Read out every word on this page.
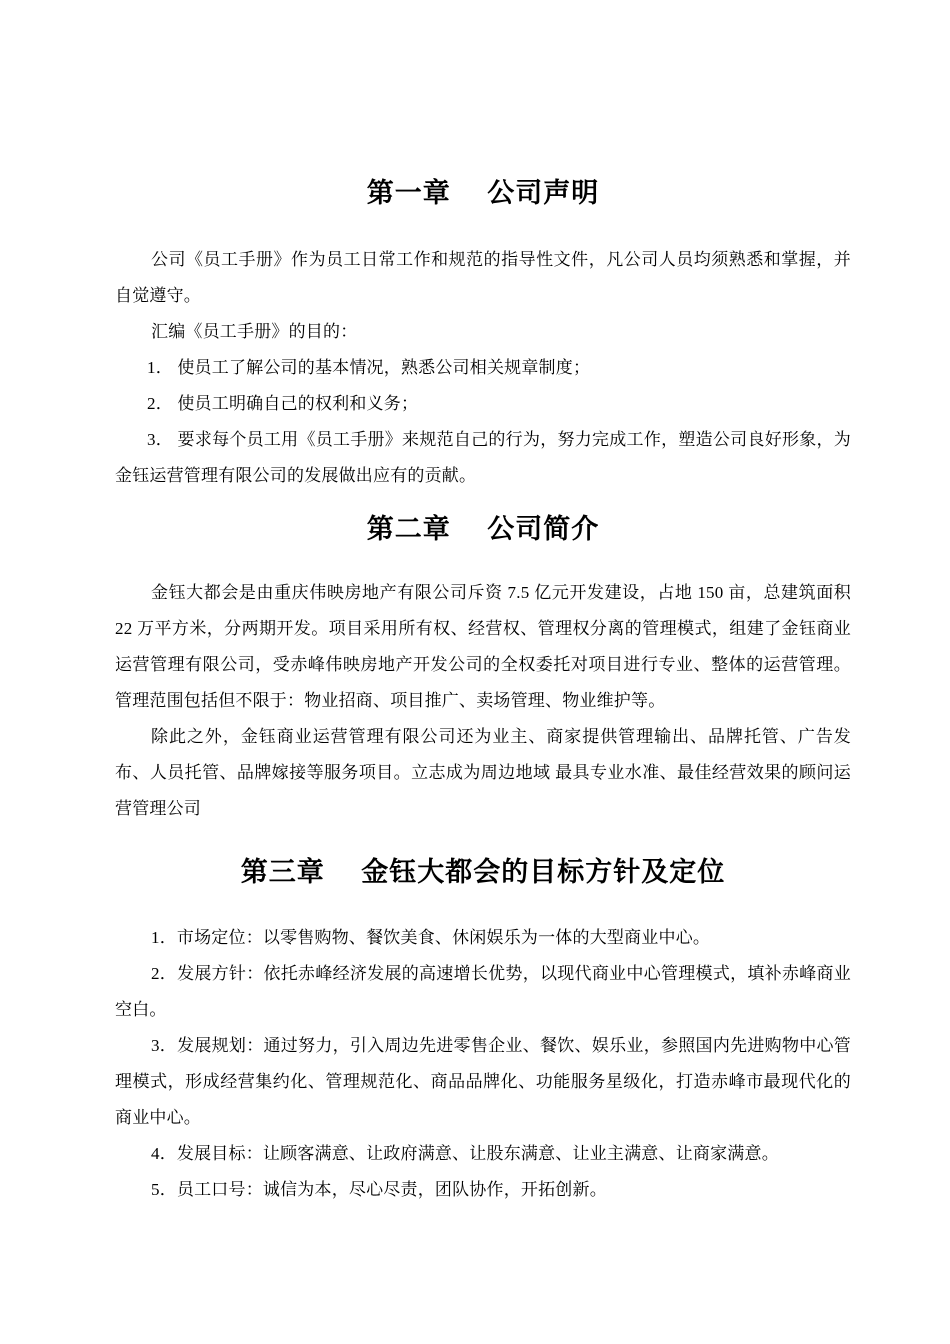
第一章　 公司声明

公司《员工手册》作为员工日常工作和规范的指导性文件，凡公司人员均须熟悉和掌握，并自觉遵守。

汇编《员工手册》的目的：

1． 使员工了解公司的基本情况，熟悉公司相关规章制度；

2． 使员工明确自己的权利和义务；

3． 要求每个员工用《员工手册》来规范自己的行为，努力完成工作，塑造公司良好形象，为金钰运营管理有限公司的发展做出应有的贡献。

第二章　 公司简介

金钰大都会是由重庆伟映房地产有限公司斥资 7.5 亿元开发建设，占地 150 亩，总建筑面积 22 万平方米，分两期开发。项目采用所有权、经营权、管理权分离的管理模式，组建了金钰商业运营管理有限公司，受赤峰伟映房地产开发公司的全权委托对项目进行专业、整体的运营管理。管理范围包括但不限于：物业招商、项目推广、卖场管理、物业维护等。

除此之外，金钰商业运营管理有限公司还为业主、商家提供管理输出、品牌托管、广告发布、人员托管、品牌嫁接等服务项目。立志成为周边地域 最具专业水准、最佳经营效果的顾问运营管理公司

第三章　 金钰大都会的目标方针及定位

1．市场定位：以零售购物、餐饮美食、休闲娱乐为一体的大型商业中心。

2．发展方针：依托赤峰经济发展的高速增长优势，以现代商业中心管理模式，填补赤峰商业空白。

3．发展规划：通过努力，引入周边先进零售企业、餐饮、娱乐业，参照国内先进购物中心管理模式，形成经营集约化、管理规范化、商品品牌化、功能服务星级化，打造赤峰市最现代化的商业中心。

4．发展目标：让顾客满意、让政府满意、让股东满意、让业主满意、让商家满意。

5．员工口号：诚信为本，尽心尽责，团队协作，开拓创新。
